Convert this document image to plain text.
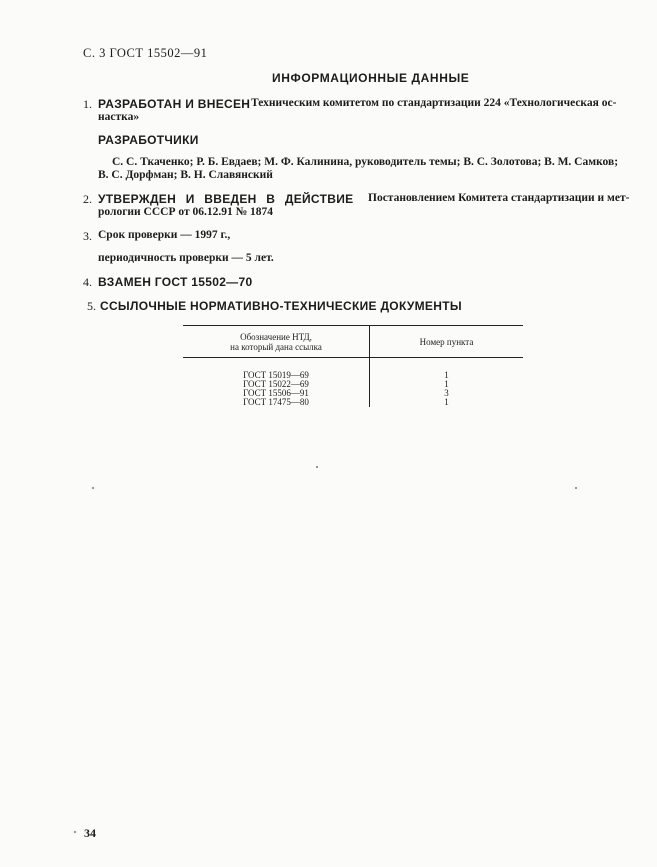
С. 3 ГОСТ 15502—91
ИНФОРМАЦИОННЫЕ ДАННЫЕ
1. РАЗРАБОТАН И ВНЕСЕН Техническим комитетом по стандартизации 224 «Технологическая ос-
настка»
РАЗРАБОТЧИКИ
С. С. Ткаченко; Р. Б. Евдаев; М. Ф. Калинина, руководитель темы; В. С. Золотова; В. М. Самков;
В. С. Дорфман; В. Н. Славянский
2. УТВЕРЖДЕН И ВВЕДЕН В ДЕЙСТВИЕ Постановлением Комитета стандартизации и мет-
рологии СССР от 06.12.91 № 1874
3. Срок проверки — 1997 г.,
периодичность проверки — 5 лет.
4. ВЗАМЕН ГОСТ 15502—70
5. ССЫЛОЧНЫЕ НОРМАТИВНО-ТЕХНИЧЕСКИЕ ДОКУМЕНТЫ
Обозначение НТД,
на который дана ссылка	Номер пункта
ГОСТ 15019—69	1
ГОСТ 15022—69	1
ГОСТ 15506—91	3
ГОСТ 17475—80	1
34
